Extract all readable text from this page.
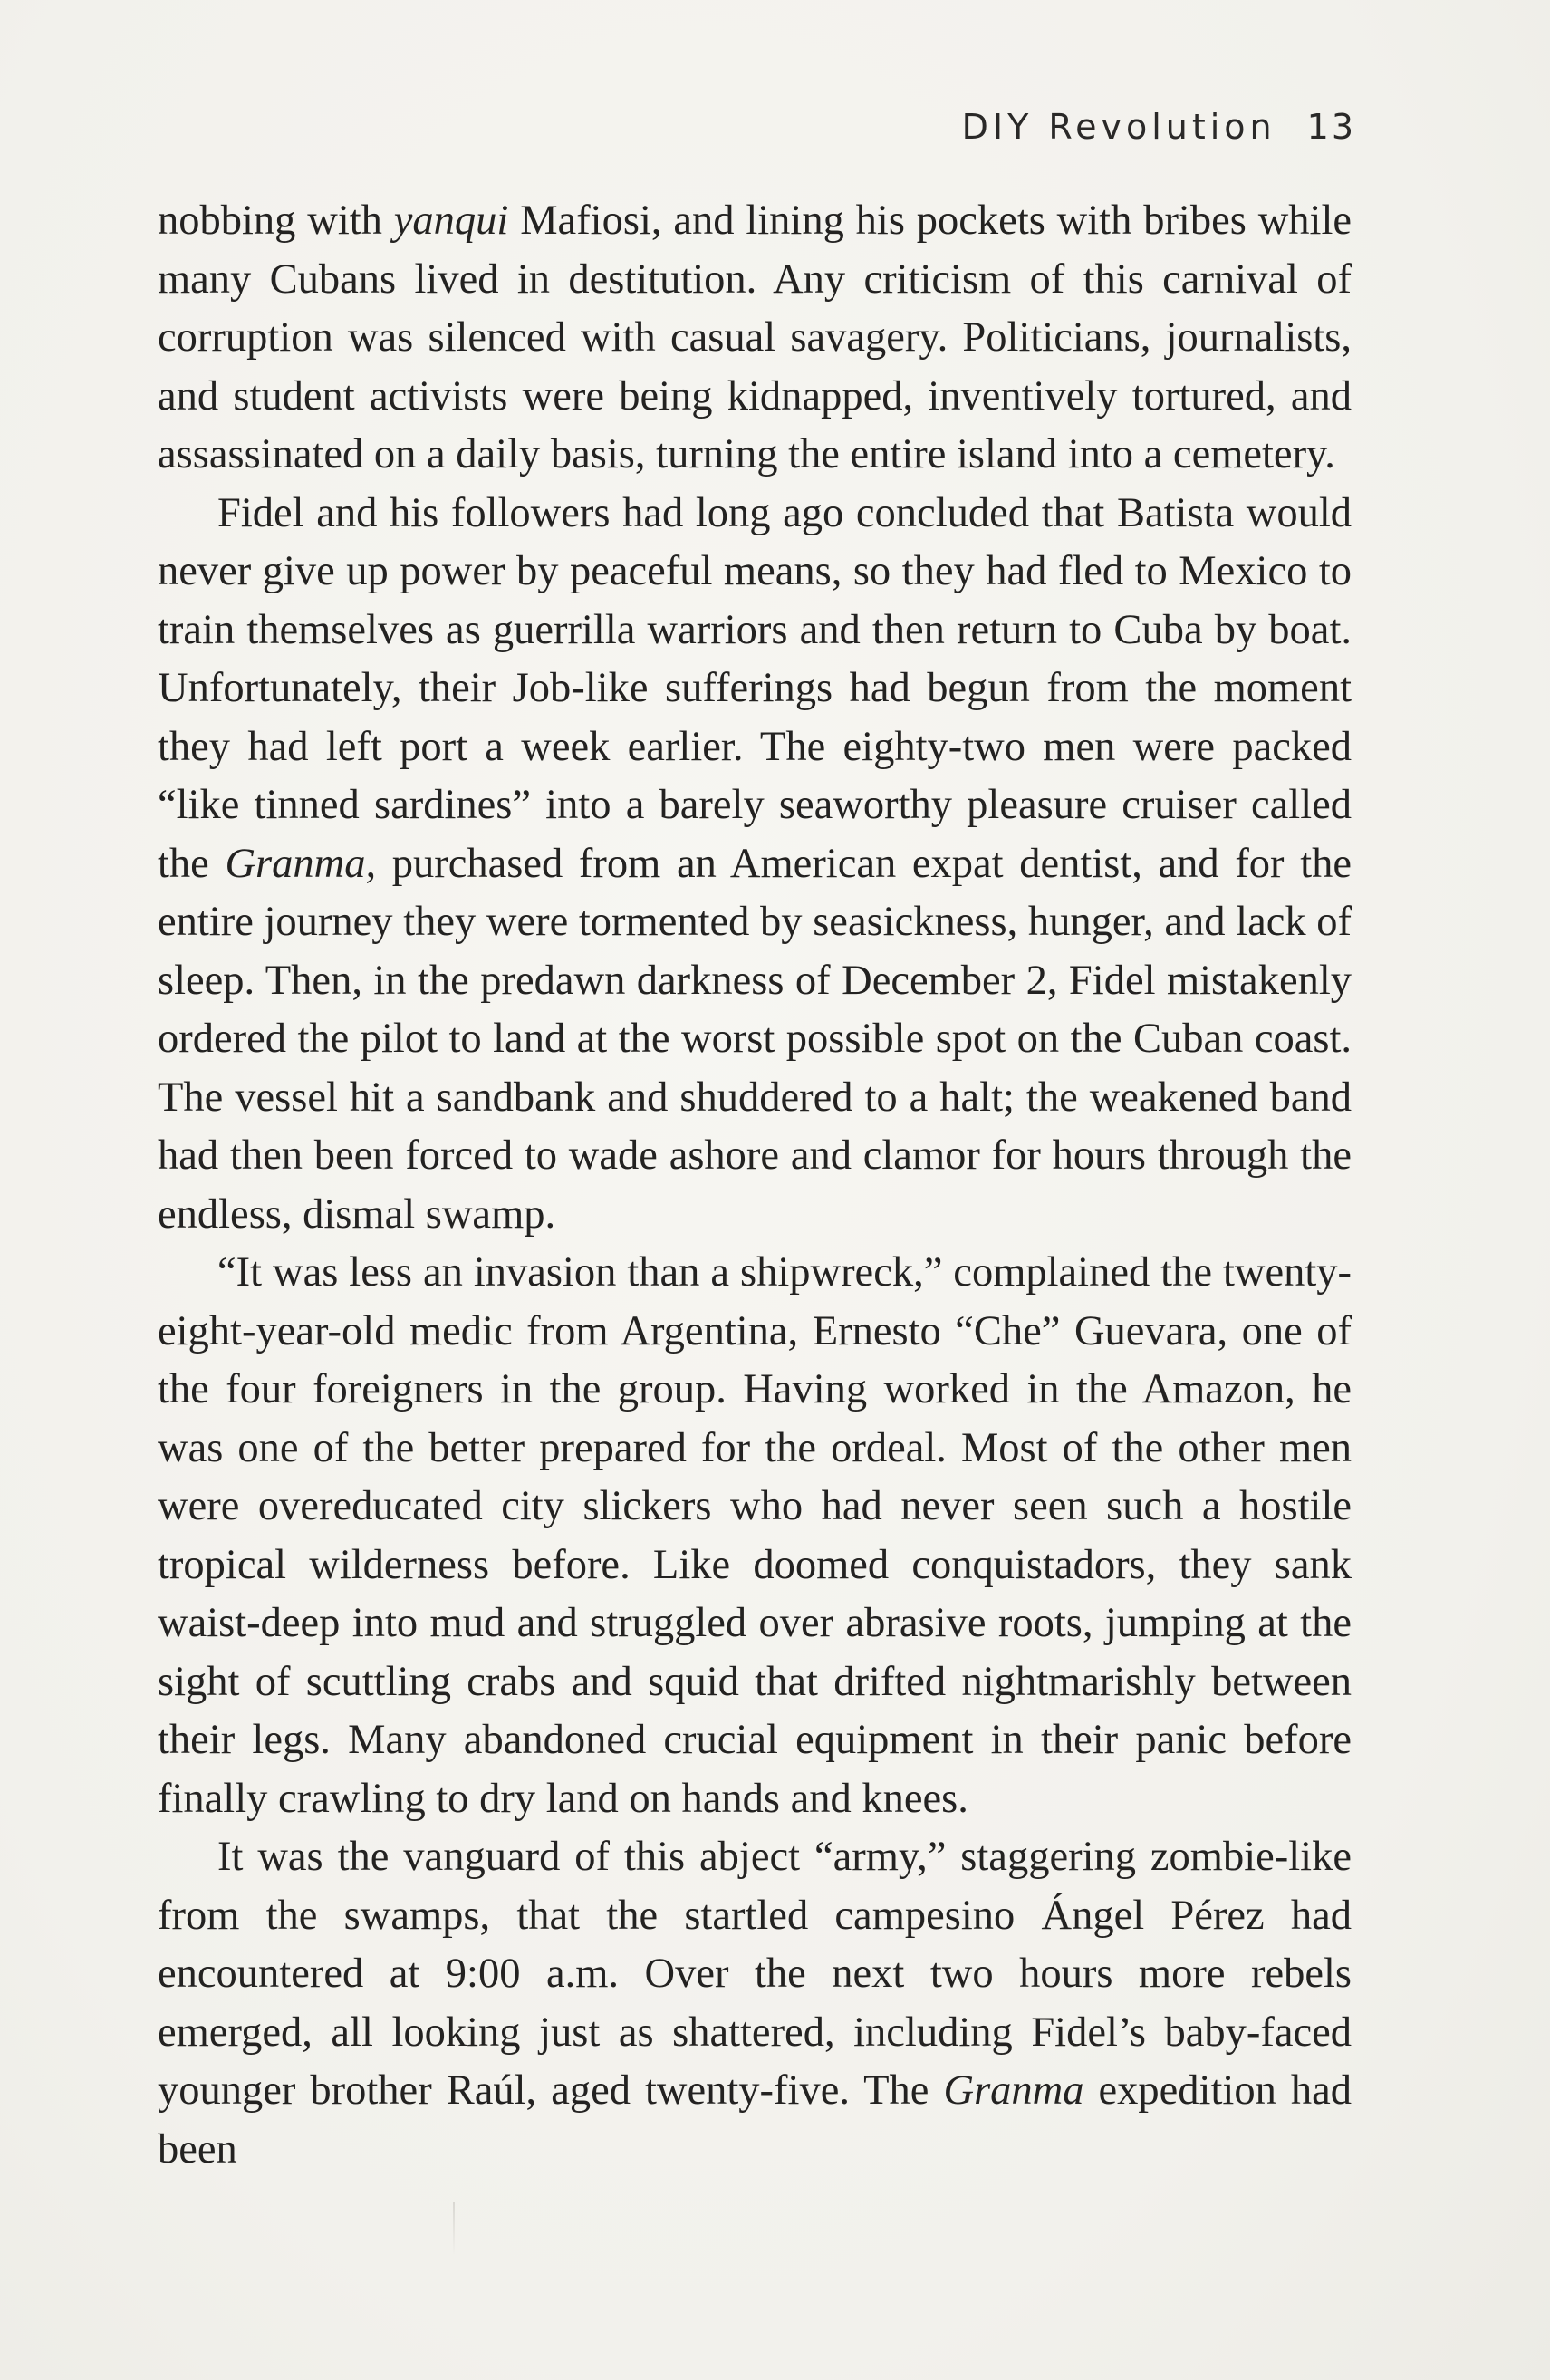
DIY Revolution 13

nobbing with yanqui Mafiosi, and lining his pockets with bribes while many Cubans lived in destitution. Any criticism of this carnival of corruption was silenced with casual savagery. Politicians, journalists, and student activists were being kidnapped, inventively tortured, and assassinated on a daily basis, turning the entire island into a cemetery.

Fidel and his followers had long ago concluded that Batista would never give up power by peaceful means, so they had fled to Mexico to train themselves as guerrilla warriors and then return to Cuba by boat. Unfortunately, their Job-like sufferings had begun from the moment they had left port a week earlier. The eighty-two men were packed “like tinned sardines” into a barely seaworthy pleasure cruiser called the Granma, purchased from an American expat dentist, and for the entire journey they were tormented by seasickness, hunger, and lack of sleep. Then, in the predawn darkness of December 2, Fidel mistakenly ordered the pilot to land at the worst possible spot on the Cuban coast. The vessel hit a sandbank and shuddered to a halt; the weakened band had then been forced to wade ashore and clamor for hours through the endless, dismal swamp.

“It was less an invasion than a shipwreck,” complained the twenty-eight-year-old medic from Argentina, Ernesto “Che” Guevara, one of the four foreigners in the group. Having worked in the Amazon, he was one of the better prepared for the ordeal. Most of the other men were overeducated city slickers who had never seen such a hostile tropical wilderness before. Like doomed conquistadors, they sank waist-deep into mud and struggled over abrasive roots, jumping at the sight of scuttling crabs and squid that drifted nightmarishly between their legs. Many abandoned crucial equipment in their panic before finally crawling to dry land on hands and knees.

It was the vanguard of this abject “army,” staggering zombie-like from the swamps, that the startled campesino Ángel Pérez had encountered at 9:00 a.m. Over the next two hours more rebels emerged, all looking just as shattered, including Fidel’s baby-faced younger brother Raúl, aged twenty-five. The Granma expedition had been
